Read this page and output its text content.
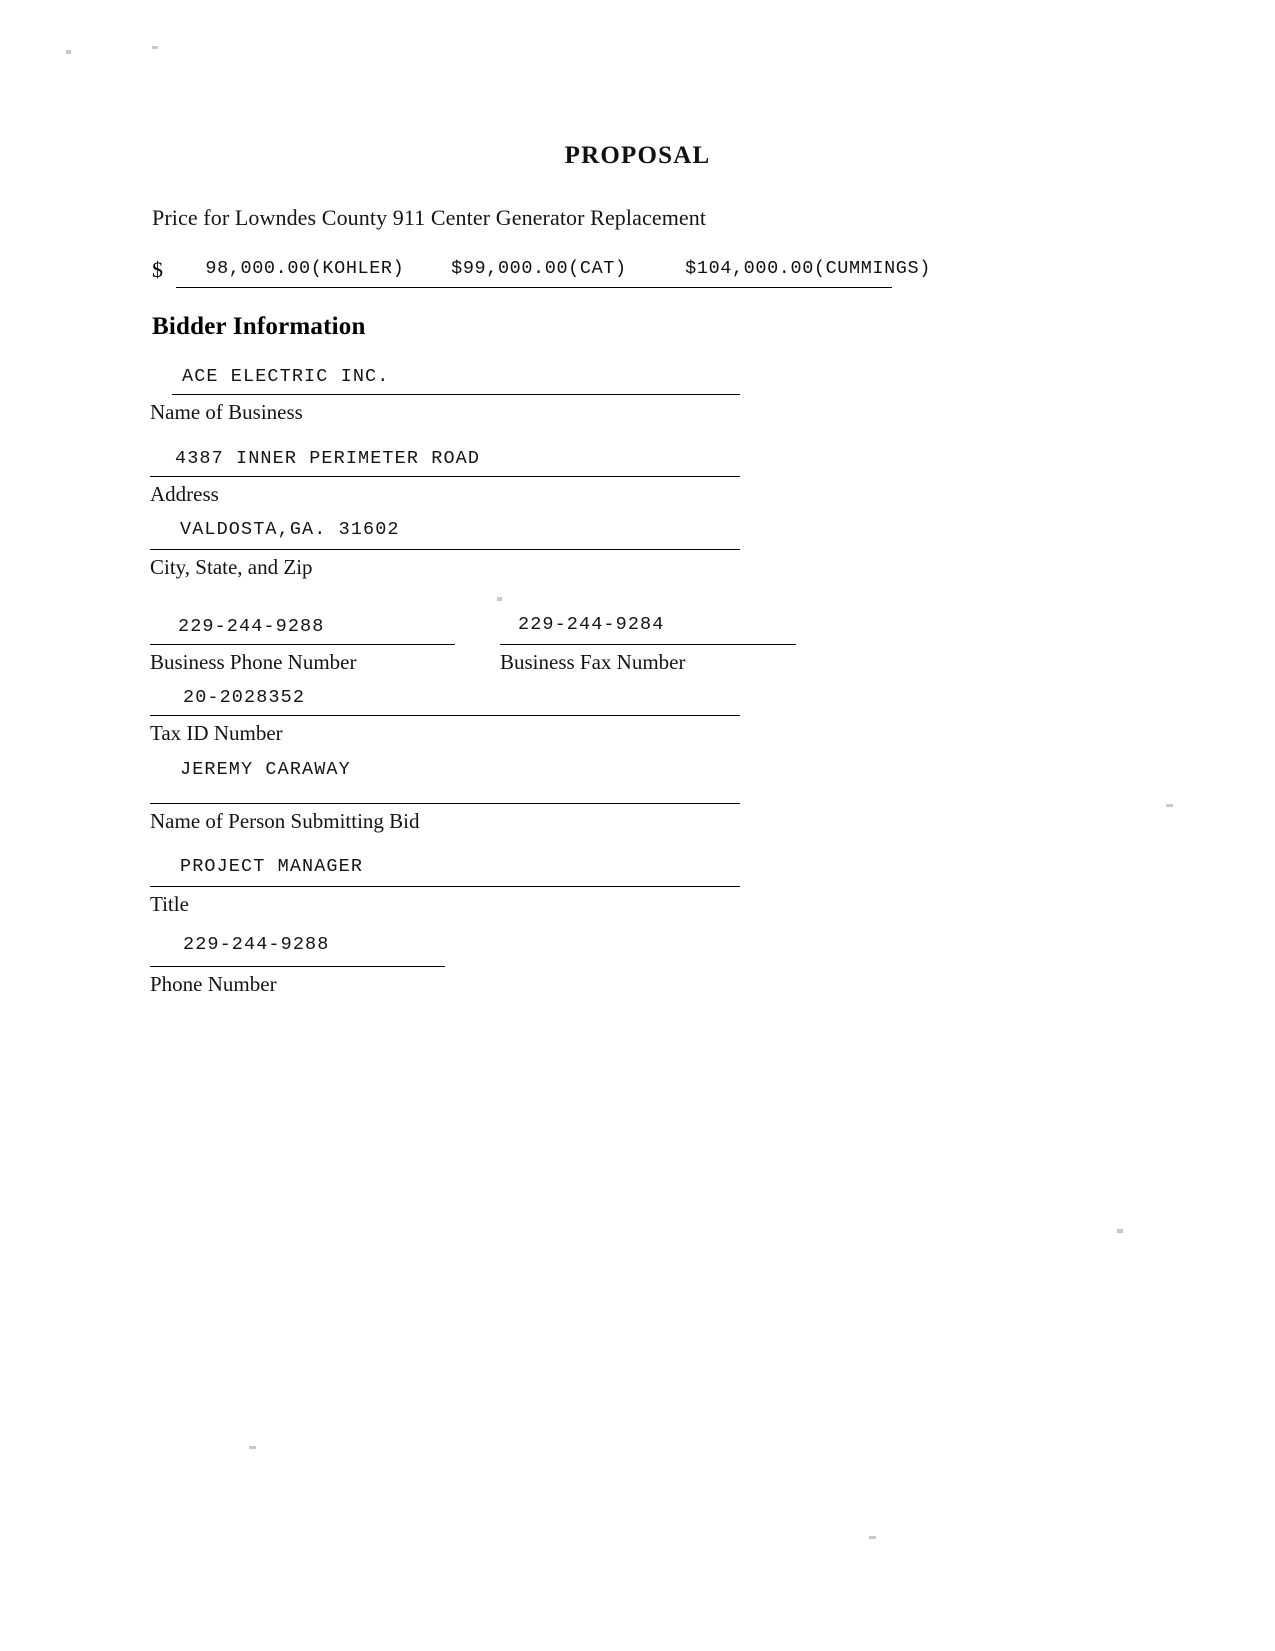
PROPOSAL
Price for Lowndes County 911 Center Generator Replacement
$ 98,000.00(KOHLER)    $99,000.00(CAT)     $104,000.00(CUMMINGS)
Bidder Information
ACE ELECTRIC INC.
Name of Business
4387 INNER PERIMETER ROAD
Address
VALDOSTA,GA. 31602
City, State, and Zip
229-244-9288
Business Phone Number
229-244-9284
Business Fax Number
20-2028352
Tax ID Number
JEREMY CARAWAY
Name of Person Submitting Bid
PROJECT MANAGER
Title
229-244-9288
Phone Number
